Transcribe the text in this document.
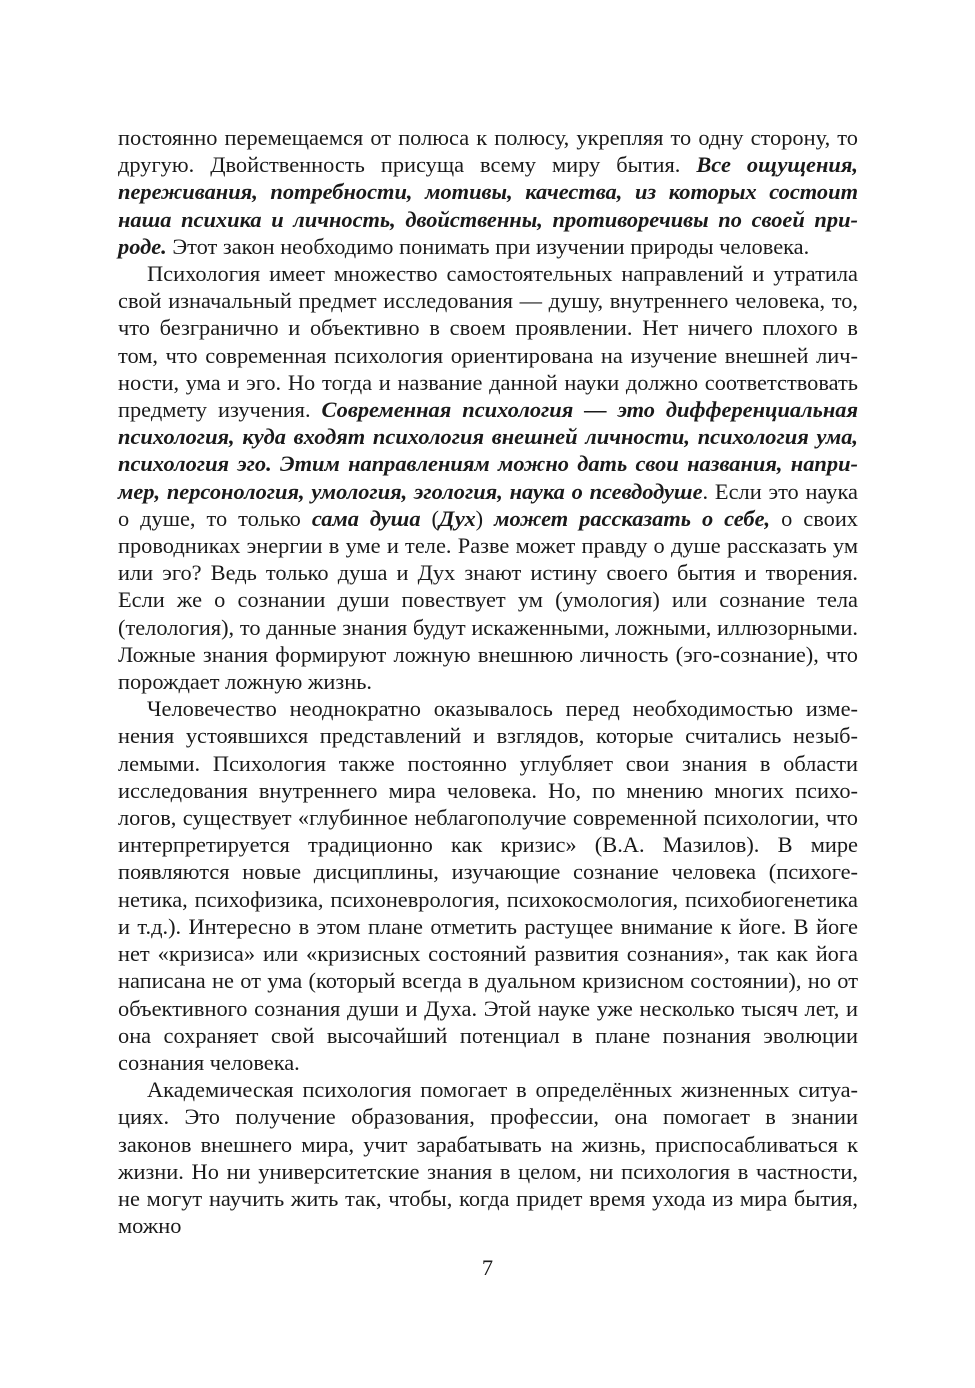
постоянно перемещаемся от полюса к полюсу, укрепляя то одну сторону, то другую. Двойственность присуща всему миру бытия. Все ощущения, переживания, потребности, мотивы, качества, из которых состоит наша психика и личность, двойственны, противоречивы по своей природе. Этот закон необходимо понимать при изучении природы человека.

Психология имеет множество самостоятельных направлений и утратила свой изначальный предмет исследования — душу, внутреннего человека, то, что безгранично и объективно в своем проявлении. Нет ничего плохого в том, что современная психология ориентирована на изучение внешней личности, ума и эго. Но тогда и название данной науки должно соответствовать предмету изучения. Современная психология — это дифференциальная психология, куда входят психология внешней личности, психология ума, психология эго. Этим направлениям можно дать свои названия, например, персонология, умология, эгология, наука о псевдодуше. Если это наука о душе, то только сама душа (Дух) может рассказать о себе, о своих проводниках энергии в уме и теле. Разве может правду о душе рассказать ум или эго? Ведь только душа и Дух знают истину своего бытия и творения. Если же о сознании души повествует ум (умология) или сознание тела (телология), то данные знания будут искаженными, ложными, иллюзорными. Ложные знания формируют ложную внешнюю личность (эго-сознание), что порождает ложную жизнь.

Человечество неоднократно оказывалось перед необходимостью изменения устоявшихся представлений и взглядов, которые считались незыблемыми. Психология также постоянно углубляет свои знания в области исследования внутреннего мира человека. Но, по мнению многих психологов, существует «глубинное неблагополучие современной психологии, что интерпретируется традиционно как кризис» (В.А. Мазилов). В мире появляются новые дисциплины, изучающие сознание человека (психогенетика, психофизика, психоневрология, психокосмология, психобиогенетика и т.д.). Интересно в этом плане отметить растущее внимание к йоге. В йоге нет «кризиса» или «кризисных состояний развития сознания», так как йога написана не от ума (который всегда в дуальном кризисном состоянии), но от объективного сознания души и Духа. Этой науке уже несколько тысяч лет, и она сохраняет свой высочайший потенциал в плане познания эволюции сознания человека.

Академическая психология помогает в определённых жизненных ситуациях. Это получение образования, профессии, она помогает в знании законов внешнего мира, учит зарабатывать на жизнь, приспосабливаться к жизни. Но ни университетские знания в целом, ни психология в частности, не могут научить жить так, чтобы, когда придет время ухода из мира бытия, можно

7
